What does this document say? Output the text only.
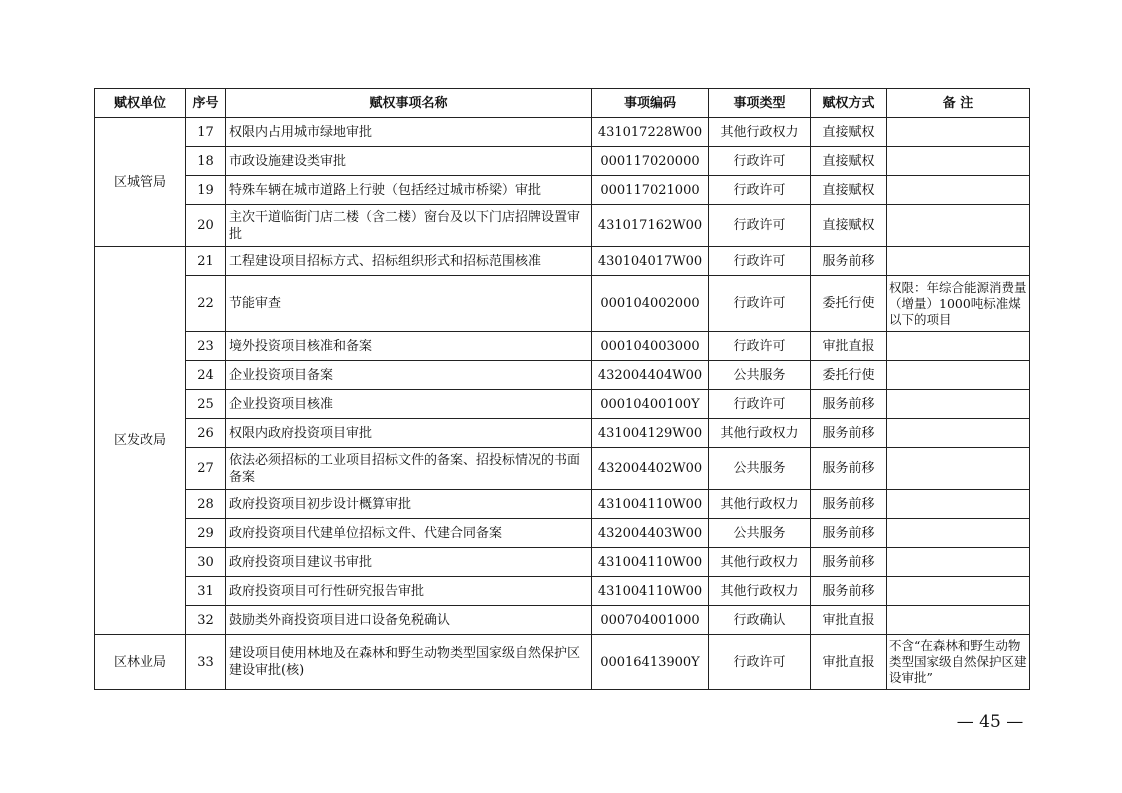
赋权单位	序号	赋权事项名称	事项编码	事项类型	赋权方式	备 注
区城管局	17	权限内占用城市绿地审批	431017228W00	其他行政权力	直接赋权	
	18	市政设施建设类审批	000117020000	行政许可	直接赋权	
	19	特殊车辆在城市道路上行驶（包括经过城市桥梁）审批	000117021000	行政许可	直接赋权	
	20	主次干道临街门店二楼（含二楼）窗台及以下门店招牌设置审批	431017162W00	行政许可	直接赋权	
区发改局	21	工程建设项目招标方式、招标组织形式和招标范围核准	430104017W00	行政许可	服务前移	
	22	节能审查	000104002000	行政许可	委托行使	权限：年综合能源消费量（增量）1000吨标准煤以下的项目
	23	境外投资项目核准和备案	000104003000	行政许可	审批直报	
	24	企业投资项目备案	432004404W00	公共服务	委托行使	
	25	企业投资项目核准	00010400100Y	行政许可	服务前移	
	26	权限内政府投资项目审批	431004129W00	其他行政权力	服务前移	
	27	依法必须招标的工业项目招标文件的备案、招投标情况的书面备案	432004402W00	公共服务	服务前移	
	28	政府投资项目初步设计概算审批	431004110W00	其他行政权力	服务前移	
	29	政府投资项目代建单位招标文件、代建合同备案	432004403W00	公共服务	服务前移	
	30	政府投资项目建议书审批	431004110W00	其他行政权力	服务前移	
	31	政府投资项目可行性研究报告审批	431004110W00	其他行政权力	服务前移	
	32	鼓励类外商投资项目进口设备免税确认	000704001000	行政确认	审批直报	
区林业局	33	建设项目使用林地及在森林和野生动物类型国家级自然保护区建设审批(核)	00016413900Y	行政许可	审批直报	不含“在森林和野生动物类型国家级自然保护区建设审批”
— 45 —
